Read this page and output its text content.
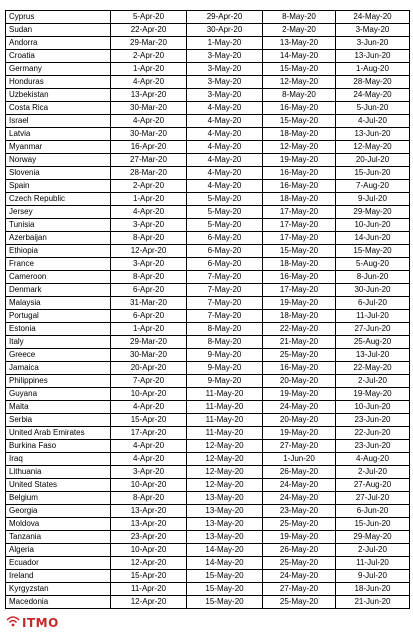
Cyprus	5-Apr-20	29-Apr-20	8-May-20	24-May-20
Sudan	22-Apr-20	30-Apr-20	2-May-20	3-May-20
Andorra	29-Mar-20	1-May-20	13-May-20	3-Jun-20
Croatia	2-Apr-20	3-May-20	14-May-20	13-Jun-20
Germany	1-Apr-20	3-May-20	15-May-20	1-Aug-20
Honduras	4-Apr-20	3-May-20	12-May-20	28-May-20
Uzbekistan	13-Apr-20	3-May-20	8-May-20	24-May-20
Costa Rica	30-Mar-20	4-May-20	16-May-20	5-Jun-20
Israel	4-Apr-20	4-May-20	15-May-20	4-Jul-20
Latvia	30-Mar-20	4-May-20	18-May-20	13-Jun-20
Myanmar	16-Apr-20	4-May-20	12-May-20	12-May-20
Norway	27-Mar-20	4-May-20	19-May-20	20-Jul-20
Slovenia	28-Mar-20	4-May-20	16-May-20	15-Jun-20
Spain	2-Apr-20	4-May-20	16-May-20	7-Aug-20
Czech Republic	1-Apr-20	5-May-20	18-May-20	9-Jul-20
Jersey	4-Apr-20	5-May-20	17-May-20	29-May-20
Tunisia	3-Apr-20	5-May-20	17-May-20	10-Jun-20
Azerbaijan	8-Apr-20	6-May-20	17-May-20	14-Jun-20
Ethiopia	12-Apr-20	6-May-20	15-May-20	15-May-20
France	3-Apr-20	6-May-20	18-May-20	5-Aug-20
Cameroon	8-Apr-20	7-May-20	16-May-20	8-Jun-20
Denmark	6-Apr-20	7-May-20	17-May-20	30-Jun-20
Malaysia	31-Mar-20	7-May-20	19-May-20	6-Jul-20
Portugal	6-Apr-20	7-May-20	18-May-20	11-Jul-20
Estonia	1-Apr-20	8-May-20	22-May-20	27-Jun-20
Italy	29-Mar-20	8-May-20	21-May-20	25-Aug-20
Greece	30-Mar-20	9-May-20	25-May-20	13-Jul-20
Jamaica	20-Apr-20	9-May-20	16-May-20	22-May-20
Philippines	7-Apr-20	9-May-20	20-May-20	2-Jul-20
Guyana	10-Apr-20	11-May-20	19-May-20	19-May-20
Malta	4-Apr-20	11-May-20	24-May-20	10-Jun-20
Serbia	15-Apr-20	11-May-20	20-May-20	23-Jun-20
United Arab Emirates	17-Apr-20	11-May-20	19-May-20	22-Jun-20
Burkina Faso	4-Apr-20	12-May-20	27-May-20	23-Jun-20
Iraq	4-Apr-20	12-May-20	1-Jun-20	4-Aug-20
Lithuania	3-Apr-20	12-May-20	26-May-20	2-Jul-20
United States	10-Apr-20	12-May-20	24-May-20	27-Aug-20
Belgium	8-Apr-20	13-May-20	24-May-20	27-Jul-20
Georgia	13-Apr-20	13-May-20	23-May-20	6-Jun-20
Moldova	13-Apr-20	13-May-20	25-May-20	15-Jun-20
Tanzania	23-Apr-20	13-May-20	19-May-20	29-May-20
Algeria	10-Apr-20	14-May-20	26-May-20	2-Jul-20
Ecuador	12-Apr-20	14-May-20	25-May-20	11-Jul-20
Ireland	15-Apr-20	15-May-20	24-May-20	9-Jul-20
Kyrgyzstan	11-Apr-20	15-May-20	27-May-20	18-Jun-20
Macedonia	12-Apr-20	15-May-20	25-May-20	21-Jun-20
ITMO
